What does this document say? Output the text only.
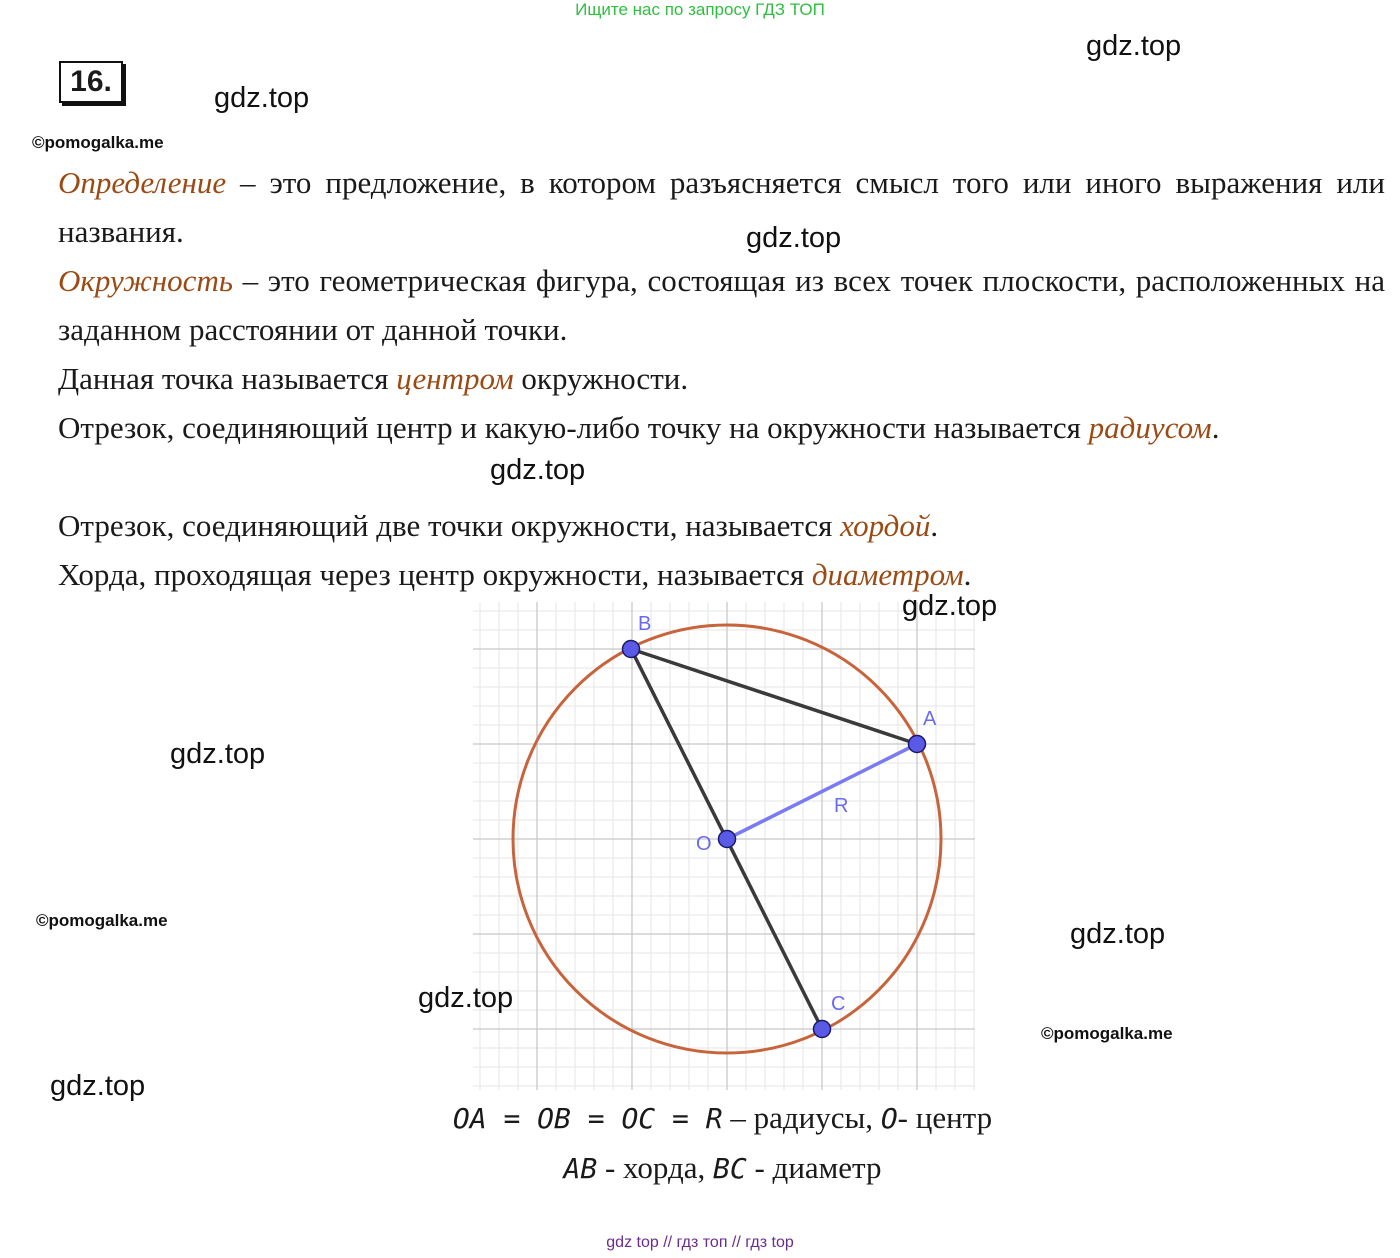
Ищите нас по запросу ГДЗ ТОП
16.
gdz.top
gdz.top
©pomogalka.me
gdz.top
gdz.top
Определение – это предложение, в котором разъясняется смысл того или иного выражения или названия.
Окружность – это геометрическая фигура, состоящая из всех точек плоскости, расположенных на заданном расстоянии от данной точки.
Данная точка называется центром окружности.
Отрезок, соединяющий центр и какую-либо точку на окружности называется радиусом.
Отрезок, соединяющий две точки окружности, называется хордой.
Хорда, проходящая через центр окружности, называется диаметром.
B
A
O
C
R
gdz.top
gdz.top
©pomogalka.me	gdz.top
gdz.top
©pomogalka.me
gdz.top
OA = OB = OC = R – радиусы, O- центр
AB - хорда, BC - диаметр
gdz top // гдз топ // гдз top
